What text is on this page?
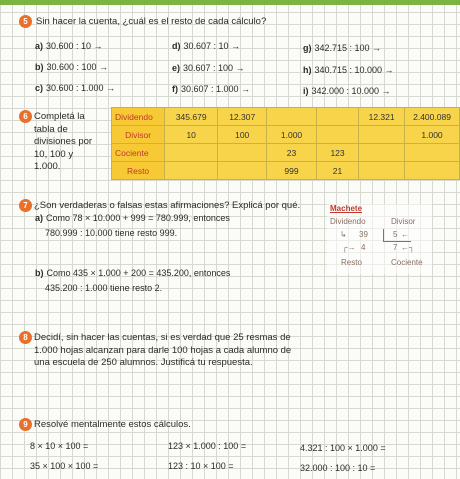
5 Sin hacer la cuenta, ¿cuál es el resto de cada cálculo?
a) 30.600 : 10 →	d) 30.607 : 10 →	g) 342.715 : 100 →
b) 30.600 : 100 →	e) 30.607 : 100 →	h) 340.715 : 10.000 →
c) 30.600 : 1.000 →	f) 30.607 : 1.000 →	i) 342.000 : 10.000 →
6 Completá la
tabla de
divisiones por
10, 100 y
1.000.
Dividendo	345.679	12.307			12.321	2.400.089
Divisor	10	100	1.000			1.000
Cociente			23	123		
Resto			999	21		
7 ¿Son verdaderas o falsas estas afirmaciones? Explicá por qué.
a) Como 78 × 10.000 + 999 = 780.999, entonces
780.999 : 10.000 tiene resto 999.
b) Como 435 × 1.000 + 200 = 435.200, entonces
435.200 : 1.000 tiene resto 2.
Machete
Dividendo	Divisor
↳ 39	5 ←
┌→ 4	7 ←┐
Resto	Cociente
8 Decidí, sin hacer las cuentas, si es verdad que 25 resmas de
1.000 hojas alcanzan para darle 100 hojas a cada alumno de
una escuela de 250 alumnos. Justificá tu respuesta.
9 Resolvé mentalmente estos cálculos.
8 × 10 × 100 =	123 × 1.000 : 100 =	4.321 : 100 × 1.000 =
35 × 100 × 100 =	123 : 10 × 100 =	32.000 : 100 : 10 =
